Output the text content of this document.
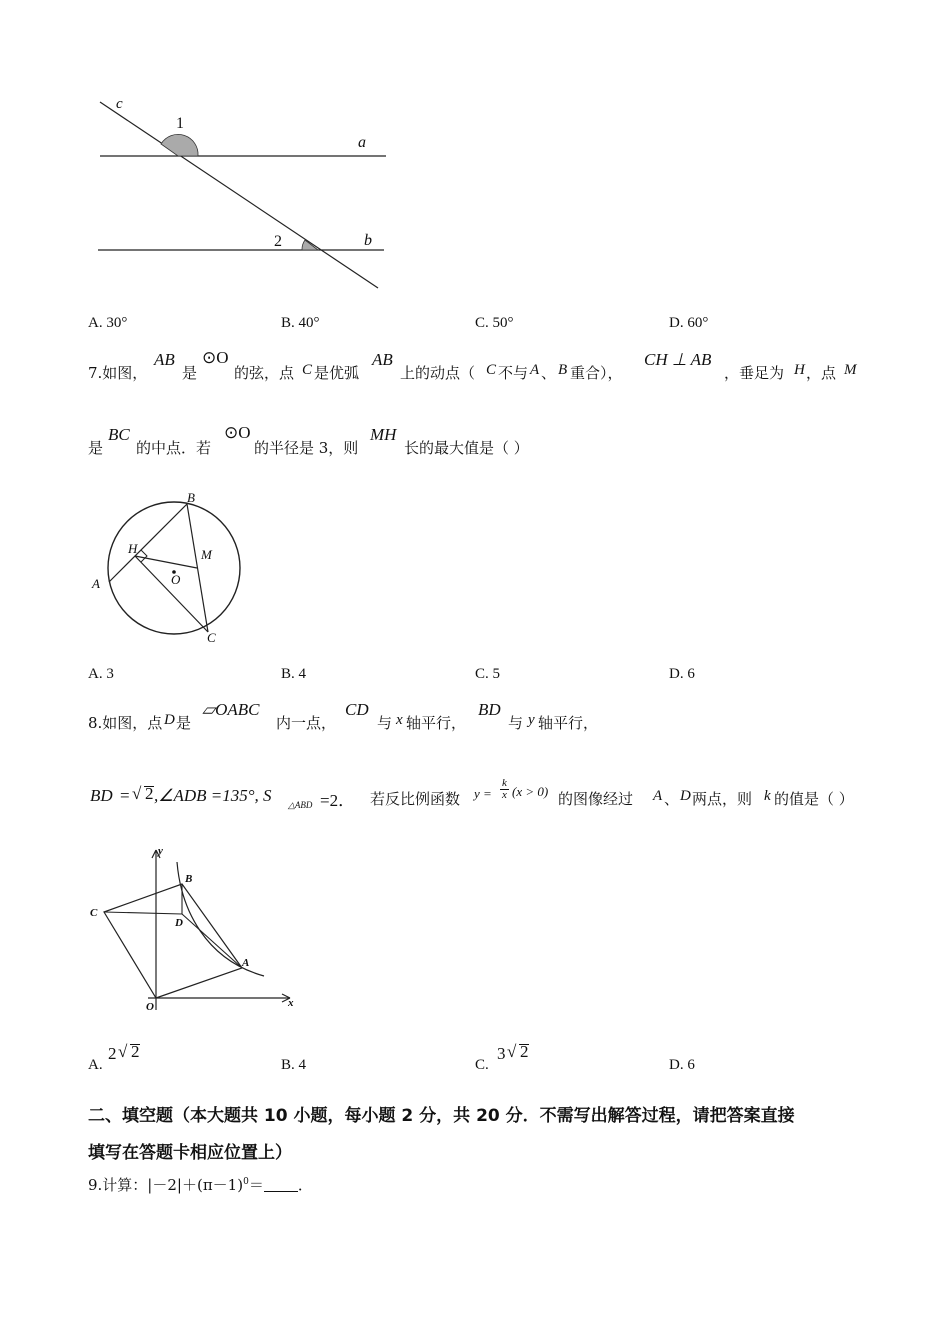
c
1
a
2	b
A. 30°	B. 40°	C. 50°	D. 60°
7.如图，
AB
是
⊙O
的弦，点 C 是优弧
AB
上的动点（ C 不与 A 、 B 重合），
CH ⊥ AB
，垂足为 H ，点 M
是
BC
的中点．若
⊙O
的半径是 3，则
MH
长的最大值是（ ）
B
H	M
O
A
C
A. 3	B. 4	C. 5	D. 6
8.如图，点 D 是
▱OABC
内一点，
CD
与 x 轴平行，
BD
与 y 轴平行，
BD = √ 2 ,∠ADB =135°, S △ABD =2． 若反比例函数 $y = \frac{k}{x} (x > 0)$ 的图像经过 A 、 D 两点，则 k 的值是（ ）
y
B
C
D
A
O	x
A.
2 √ 2
B. 4	C.
3 √ 2
D. 6
二、填空题（本大题共 10 小题，每小题 2 分，共 20 分．不需写出解答过程，请把答案直接
填写在答题卡相应位置上）
9.计算：$|-2|+(\pi-1)^0=$ ．
